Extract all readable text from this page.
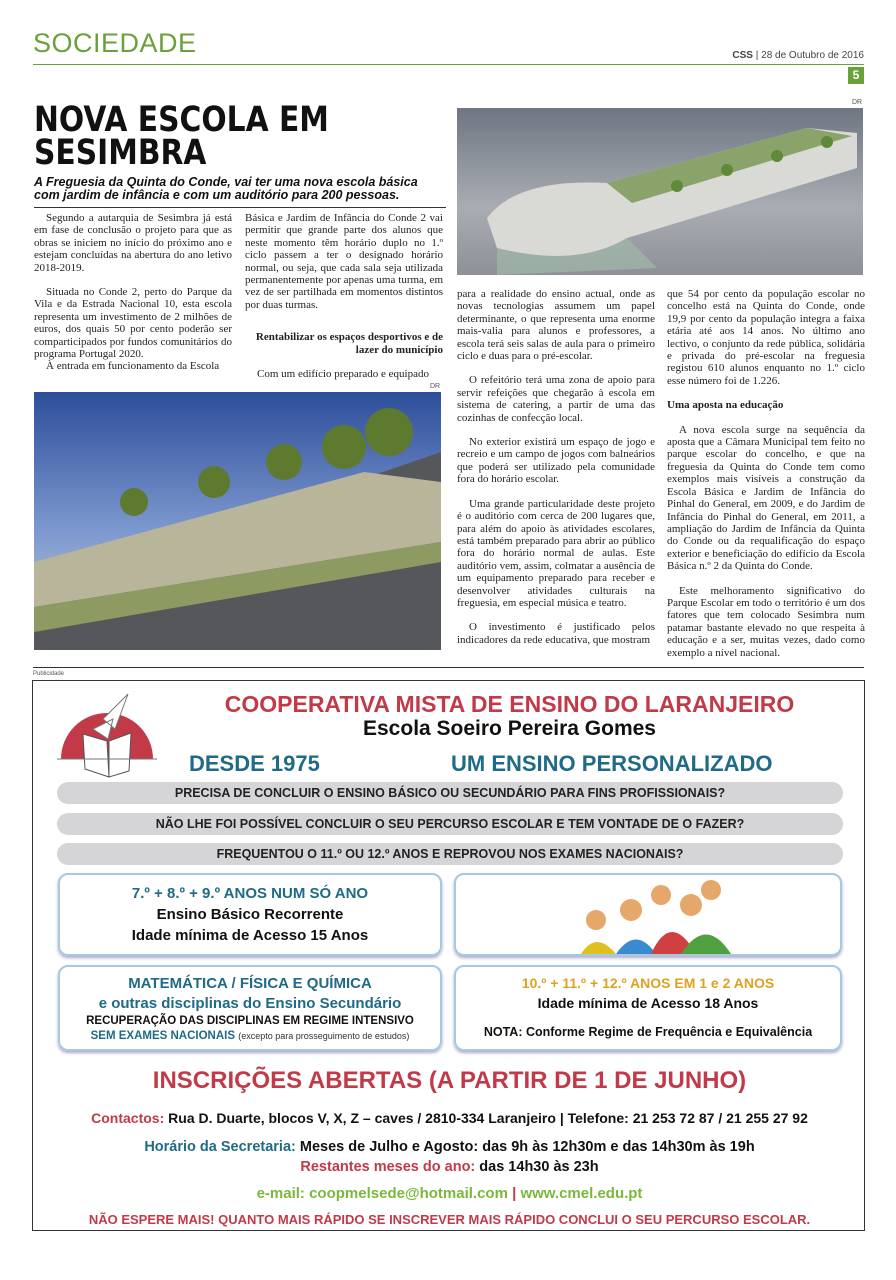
SOCIEDADE	CSS | 28 de Outubro de 2016
5
NOVA ESCOLA EM SESIMBRA
A Freguesia da Quinta do Conde, vai ter uma nova escola básica com jardim de infância e com um auditório para 200 pessoas.

Segundo a autarquia de Sesimbra já está em fase de conclusão o projeto para que as obras se iniciem no início do próximo ano e estejam concluídas na abertura do ano letivo 2018-2019.

Situada no Conde 2, perto do Parque da Vila e da Estrada Nacional 10, esta escola representa um investimento de 2 milhões de euros, dos quais 50 por cento poderão ser comparticipados por fundos comunitários do programa Portugal 2020.

À entrada em funcionamento da Escola

Básica e Jardim de Infância do Conde 2 vai permitir que grande parte dos alunos que neste momento têm horário duplo no 1.º ciclo passem a ter o designado horário normal, ou seja, que cada sala seja utilizada permanentemente por apenas uma turma, em vez de ser partilhada em momentos distintos por duas turmas.

Rentabilizar os espaços desportivos e de lazer do município

Com um edifício preparado e equipado

DR

para a realidade do ensino actual, onde as novas tecnologias assumem um papel determinante, o que representa uma enorme mais-valia para alunos e professores, a escola terá seis salas de aula para o primeiro ciclo e duas para o pré-escolar.

O refeitório terá uma zona de apoio para servir refeições que chegarão à escola em sistema de catering, a partir de uma das cozinhas de confecção local.

No exterior existirá um espaço de jogo e recreio e um campo de jogos com balneários que poderá ser utilizado pela comunidade fora do horário escolar.

Uma grande particularidade deste projeto é o auditório com cerca de 200 lugares que, para além do apoio às atividades escolares, está também preparado para abrir ao público fora do horário normal de aulas. Este auditório vem, assim, colmatar a ausência de um equipamento preparado para receber e desenvolver atividades culturais na freguesia, em especial música e teatro.

O investimento é justificado pelos indicadores da rede educativa, que mostram

que 54 por cento da população escolar no concelho está na Quinta do Conde, onde 19,9 por cento da população integra a faixa etária até aos 14 anos. No último ano lectivo, o conjunto da rede pública, solidária e privada do pré-escolar na freguesia registou 610 alunos enquanto no 1.º ciclo esse número foi de 1.226.

Uma aposta na educação

A nova escola surge na sequência da aposta que a Câmara Municipal tem feito no parque escolar do concelho, e que na freguesia da Quinta do Conde tem como exemplos mais visíveis a construção da Escola Básica e Jardim de Infância do Pinhal do General, em 2009, e do Jardim de Infância do Pinhal do General, em 2011, a ampliação do Jardim de Infância da Quinta do Conde ou da requalificação do espaço exterior e beneficiação do edifício da Escola Básica n.º 2 da Quinta do Conde.

Este melhoramento significativo do Parque Escolar em todo o território é um dos fatores que tem colocado Sesimbra num patamar bastante elevado no que respeita à educação e a ser, muitas vezes, dado como exemplo a nível nacional.

DR
Publicidade
COOPERATIVA MISTA DE ENSINO DO LARANJEIRO
Escola Soeiro Pereira Gomes
DESDE 1975	UM ENSINO PERSONALIZADO
PRECISA DE CONCLUIR O ENSINO BÁSICO OU SECUNDÁRIO PARA FINS PROFISSIONAIS?
NÃO LHE FOI POSSÍVEL CONCLUIR O SEU PERCURSO ESCOLAR E TEM VONTADE DE O FAZER?
FREQUENTOU O 11.º OU 12.º ANOS E REPROVOU NOS EXAMES NACIONAIS?
7.º + 8.º + 9.º ANOS NUM SÓ ANO
Ensino Básico Recorrente
Idade mínima de Acesso 15 Anos
MATEMÁTICA / FÍSICA E QUÍMICA
e outras disciplinas do Ensino Secundário
RECUPERAÇÃO DAS DISCIPLINAS EM REGIME INTENSIVO
SEM EXAMES NACIONAIS (excepto para prosseguimento de estudos)
10.º + 11.º + 12.º ANOS EM 1 e 2 ANOS
Idade mínima de Acesso 18 Anos
NOTA: Conforme Regime de Frequência e Equivalência
INSCRIÇÕES ABERTAS (A PARTIR DE 1 DE JUNHO)
Contactos: Rua D. Duarte, blocos V, X, Z – caves / 2810-334 Laranjeiro | Telefone: 21 253 72 87 / 21 255 27 92
Horário da Secretaria: Meses de Julho e Agosto: das 9h às 12h30m e das 14h30m às 19h
Restantes meses do ano: das 14h30 às 23h
e-mail: coopmelsede@hotmail.com | www.cmel.edu.pt
NÃO ESPERE MAIS! QUANTO MAIS RÁPIDO SE INSCREVER MAIS RÁPIDO CONCLUI O SEU PERCURSO ESCOLAR.
